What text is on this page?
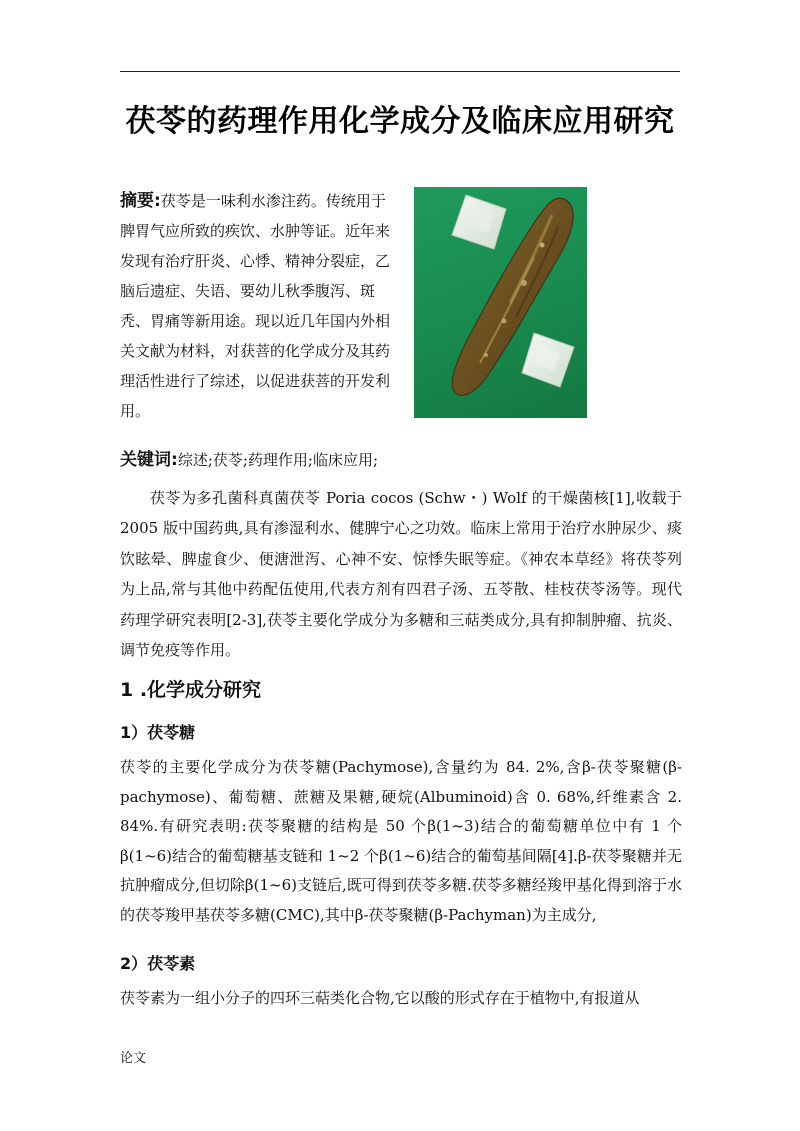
茯苓的药理作用化学成分及临床应用研究
摘要:茯苓是一味利水渗注药。传统用于脾胃气应所致的疾饮、水肿等证。近年来发现有治疗肝炎、心悸、精神分裂症，乙脑后遗症、失语、要幼儿秋季腹泻、斑秃、胃痛等新用途。现以近几年国内外相关文献为材料，对获菩的化学成分及其药理活性进行了综述，以促进获菩的开发利用。
关键词:综述;茯苓;药理作用;临床应用;

茯苓为多孔菌科真菌茯苓 Poria cocos (Schw・) Wolf 的干燥菌核[1],收载于2005 版中国药典,具有渗湿利水、健脾宁心之功效。临床上常用于治疗水肿尿少、痰饮眩晕、脾虚食少、便溏泄泻、心神不安、惊悸失眠等症。《神农本草经》将茯苓列为上品,常与其他中药配伍使用,代表方剂有四君子汤、五苓散、桂枝茯苓汤等。现代药理学研究表明[2-3],茯苓主要化学成分为多糖和三萜类成分,具有抑制肿瘤、抗炎、调节免疫等作用。

1 .化学成分研究
1）茯苓糖

茯苓的主要化学成分为茯苓糖(Pachymose),含量约为 84. 2%,含β-茯苓聚糖(β-pachymose)、葡萄糖、蔗糖及果糖,硬烷(Albuminoid)含 0. 68%,纤维素含 2. 84%.有研究表明:茯苓聚糖的结构是 50 个β(1~3)结合的葡萄糖单位中有 1 个β(1~6)结合的葡萄糖基支链和 1~2 个β(1~6)结合的葡萄基间隔[4].β-茯苓聚糖并无抗肿瘤成分,但切除β(1~6)支链后,既可得到茯苓多糖.茯苓多糖经羧甲基化得到溶于水的茯苓羧甲基茯苓多糖(CMC),其中β-茯苓聚糖(β-Pachyman)为主成分,

2）茯苓素

茯苓素为一组小分子的四环三萜类化合物,它以酸的形式存在于植物中,有报道从

论文
